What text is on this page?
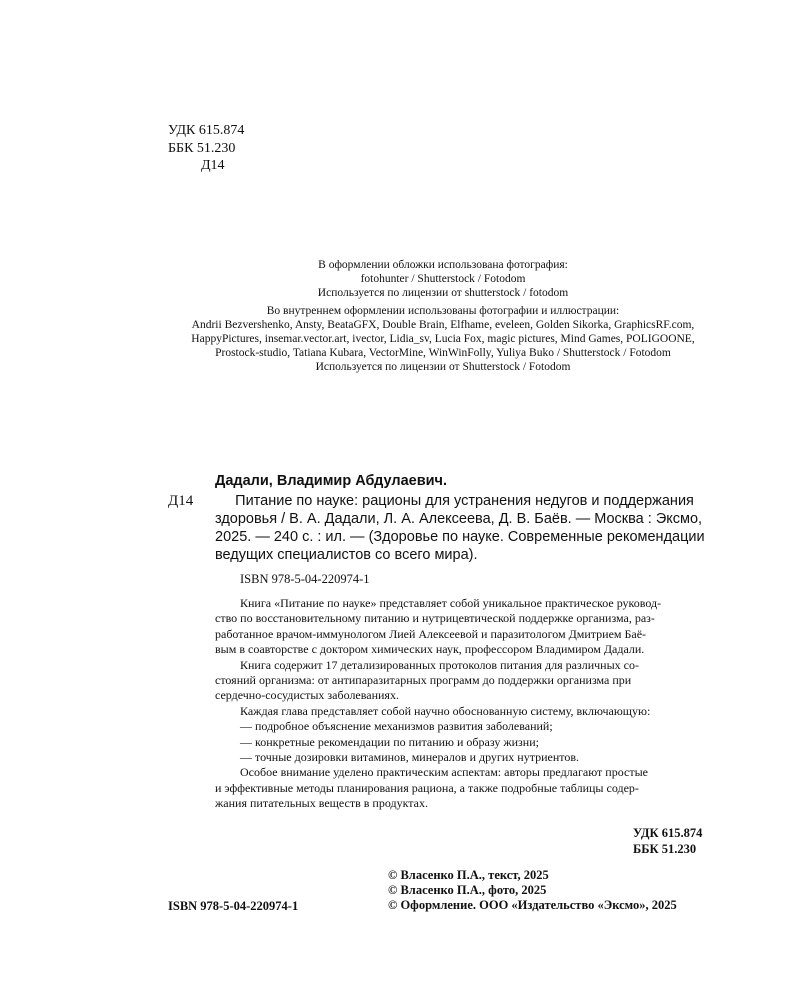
УДК 615.874
ББК 51.230
Д14
В оформлении обложки использована фотография:
fotohunter / Shutterstock / Fotodom
Используется по лицензии от shutterstock / fotodom
Во внутреннем оформлении использованы фотографии и иллюстрации:
Andrii Bezvershenko, Ansty, BeataGFX, Double Brain, Elfhame, eveleen, Golden Sikorka, GraphicsRF.com,
HappyPictures, insemar.vector.art, ivector, Lidia_sv, Lucia Fox, magic pictures, Mind Games, POLIGOONE,
Prostock-studio, Tatiana Kubara, VectorMine, WinWinFolly, Yuliya Buko / Shutterstock / Fotodom
Используется по лицензии от Shutterstock / Fotodom
Дадали, Владимир Абдулаевич.
Д14 Питание по науке: рационы для устранения недугов и поддержания
здоровья / В. А. Дадали, Л. А. Алексеева, Д. В. Баёв. — Москва : Эксмо,
2025. — 240 с. : ил. — (Здоровье по науке. Современные рекомендации
ведущих специалистов со всего мира).
ISBN 978-5-04-220974-1
Книга «Питание по науке» представляет собой уникальное практическое руковод-
ство по восстановительному питанию и нутрицевтической поддержке организма, раз-
работанное врачом-иммунологом Лией Алексеевой и паразитологом Дмитрием Баё-
вым в соавторстве с доктором химических наук, профессором Владимиром Дадали.
Книга содержит 17 детализированных протоколов питания для различных со-
стояний организма: от антипаразитарных программ до поддержки организма при
сердечно-сосудистых заболеваниях.
Каждая глава представляет собой научно обоснованную систему, включающую:
— подробное объяснение механизмов развития заболеваний;
— конкретные рекомендации по питанию и образу жизни;
— точные дозировки витаминов, минералов и других нутриентов.
Особое внимание уделено практическим аспектам: авторы предлагают простые
и эффективные методы планирования рациона, а также подробные таблицы содер-
жания питательных веществ в продуктах.
УДК 615.874
ББК 51.230
ISBN 978-5-04-220974-1
© Власенко П.А., текст, 2025
© Власенко П.А., фото, 2025
© Оформление. ООО «Издательство «Эксмо», 2025
